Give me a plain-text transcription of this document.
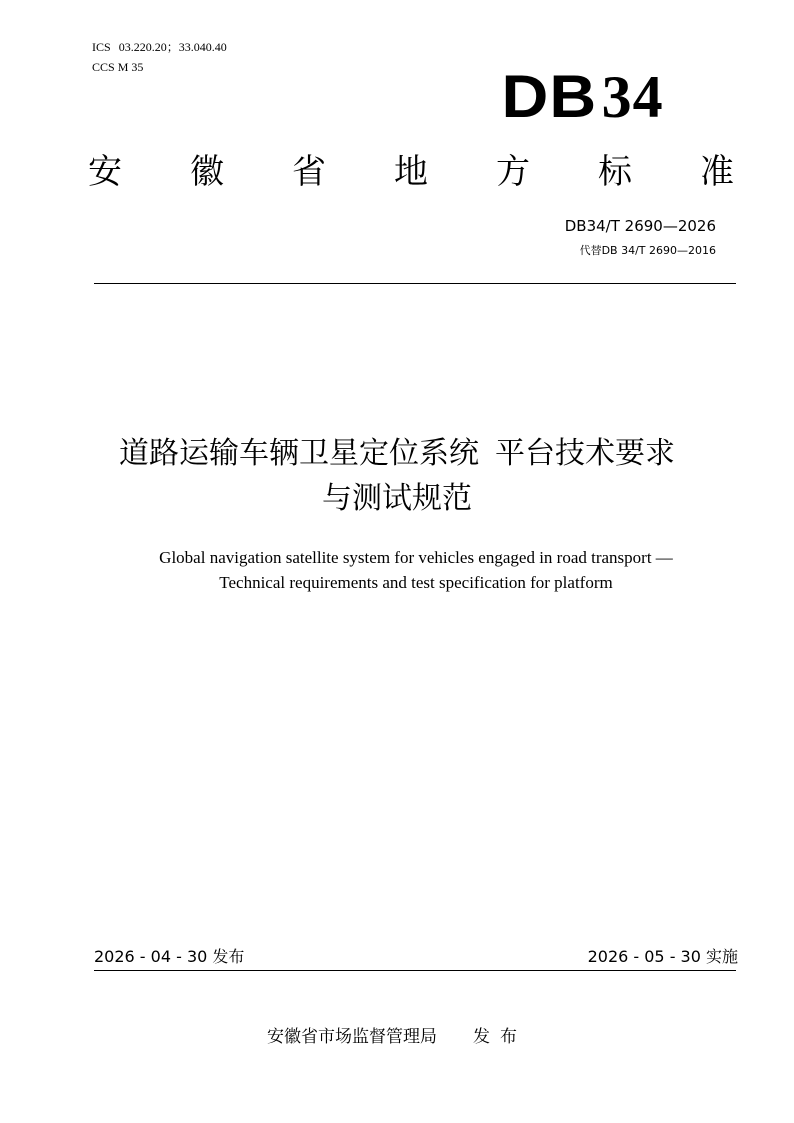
ICS 03.220.20；33.040.40
CCS M 35	DB34
安 徽 省 地 方 标 准
DB34/T 2690—2026
代替DB 34/T 2690—2016
道路运输车辆卫星定位系统 平台技术要求
与测试规范
Global navigation satellite system for vehicles engaged in road transport —
Technical requirements and test specification for platform
2026 - 04 - 30 发布	2026 - 05 - 30 实施
安徽省市场监督管理局 发布
